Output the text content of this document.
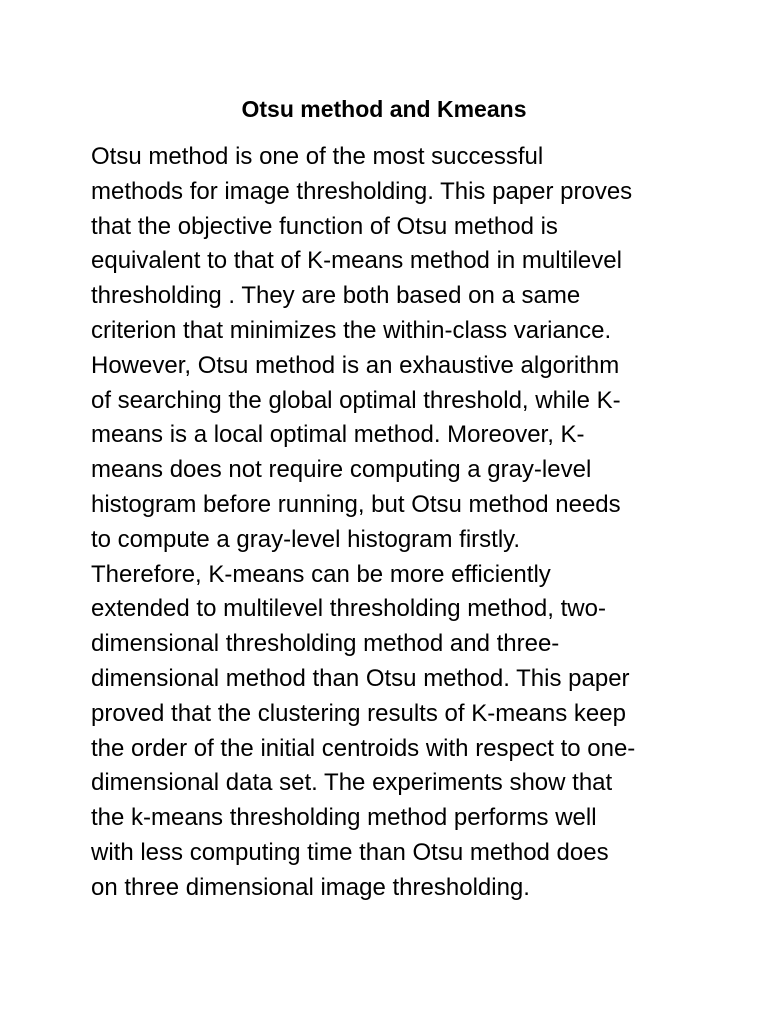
Otsu method and Kmeans
Otsu method is one of the most successful
methods for image thresholding. This paper proves
that the objective function of Otsu method is
equivalent to that of K-means method in multilevel
thresholding . They are both based on a same
criterion that minimizes the within-class variance.
However, Otsu method is an exhaustive algorithm
of searching the global optimal threshold, while K-
means is a local optimal method. Moreover, K-
means does not require computing a gray-level
histogram before running, but Otsu method needs
to compute a gray-level histogram firstly.
Therefore, K-means can be more efficiently
extended to multilevel thresholding method, two-
dimensional thresholding method and three-
dimensional method than Otsu method. This paper
proved that the clustering results of K-means keep
the order of the initial centroids with respect to one-
dimensional data set. The experiments show that
the k-means thresholding method performs well
with less computing time than Otsu method does
on three dimensional image thresholding.
